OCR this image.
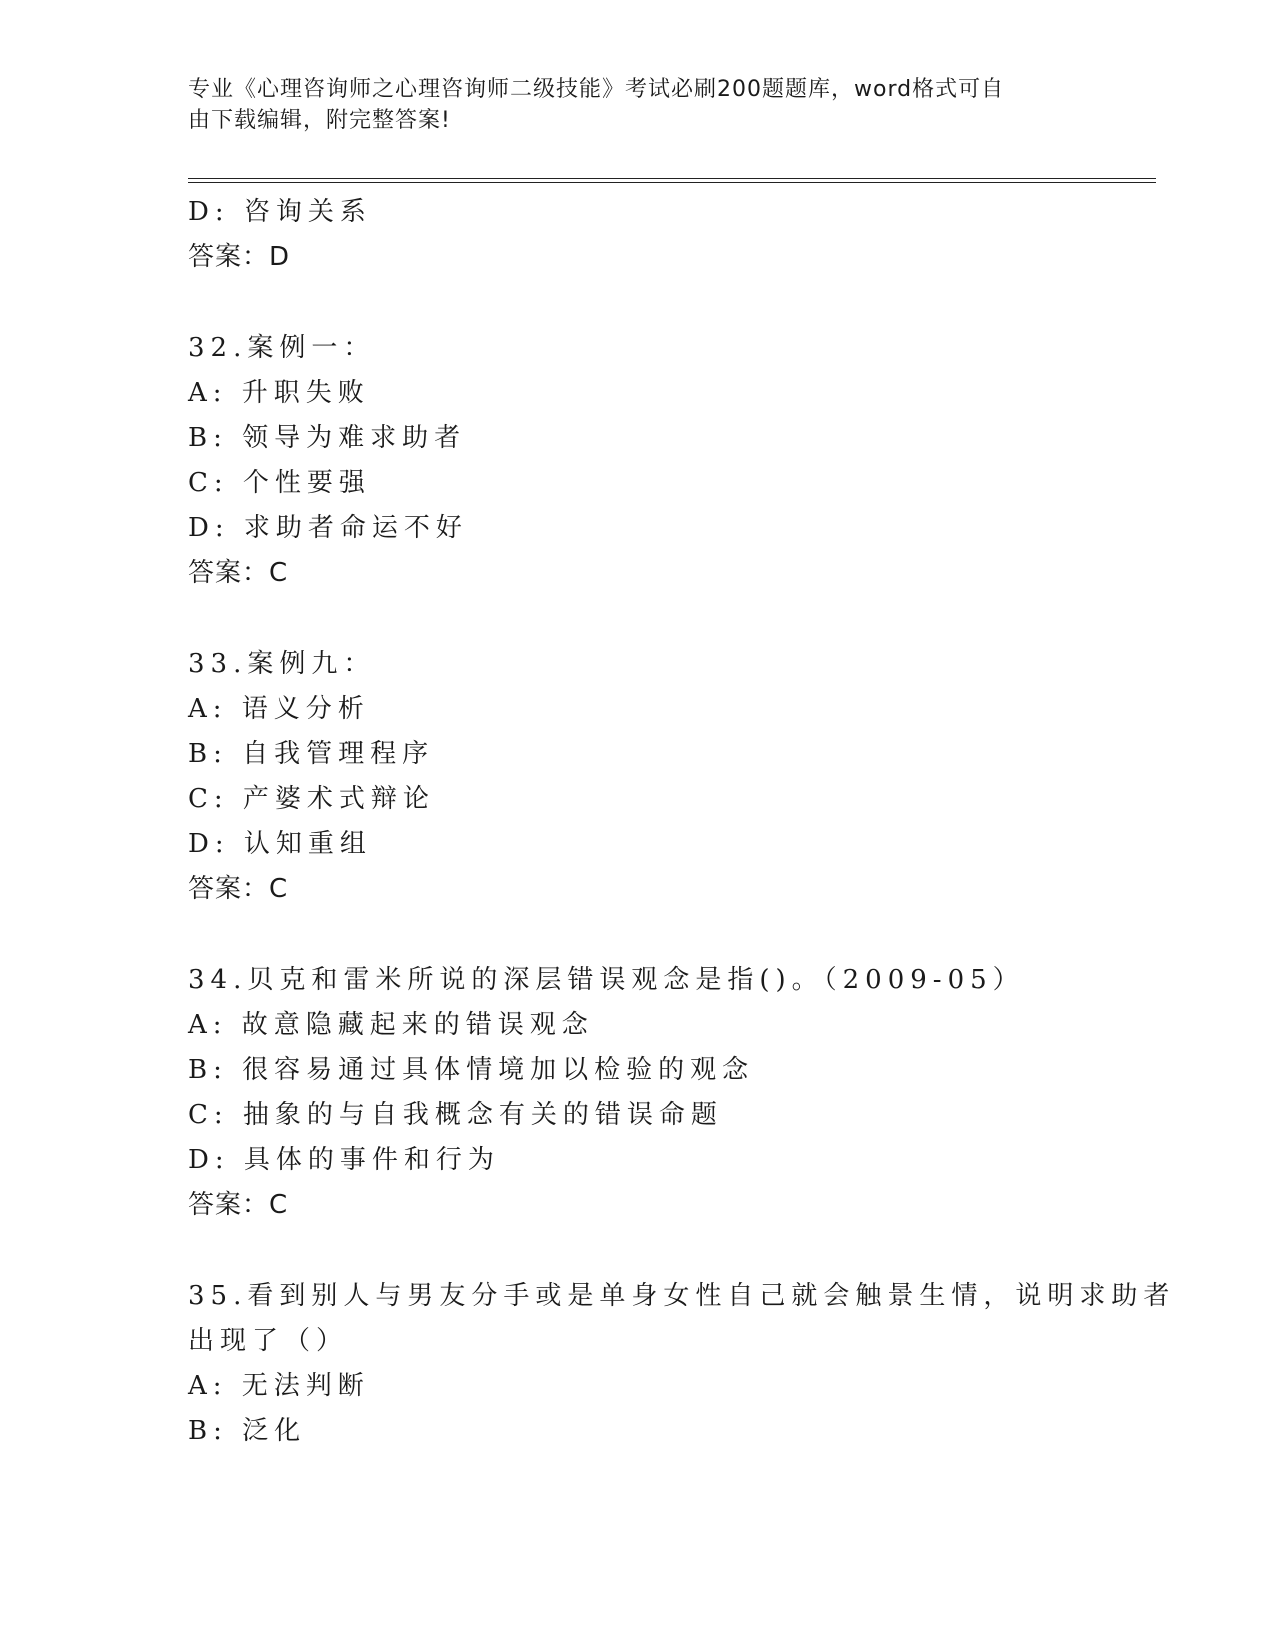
专业《心理咨询师之心理咨询师二级技能》考试必刷200题题库，word格式可自
由下载编辑，附完整答案!
D: 咨询关系
答案：D
32.案例一：
A: 升职失败
B: 领导为难求助者
C: 个性要强
D: 求助者命运不好
答案：C
33.案例九：
A: 语义分析
B: 自我管理程序
C: 产婆术式辩论
D: 认知重组
答案：C
34.贝克和雷米所说的深层错误观念是指()。（2009-05）
A: 故意隐藏起来的错误观念
B: 很容易通过具体情境加以检验的观念
C: 抽象的与自我概念有关的错误命题
D: 具体的事件和行为
答案：C
35.看到别人与男友分手或是单身女性自己就会触景生情，说明求助者
出现了（）
A: 无法判断
B: 泛化
